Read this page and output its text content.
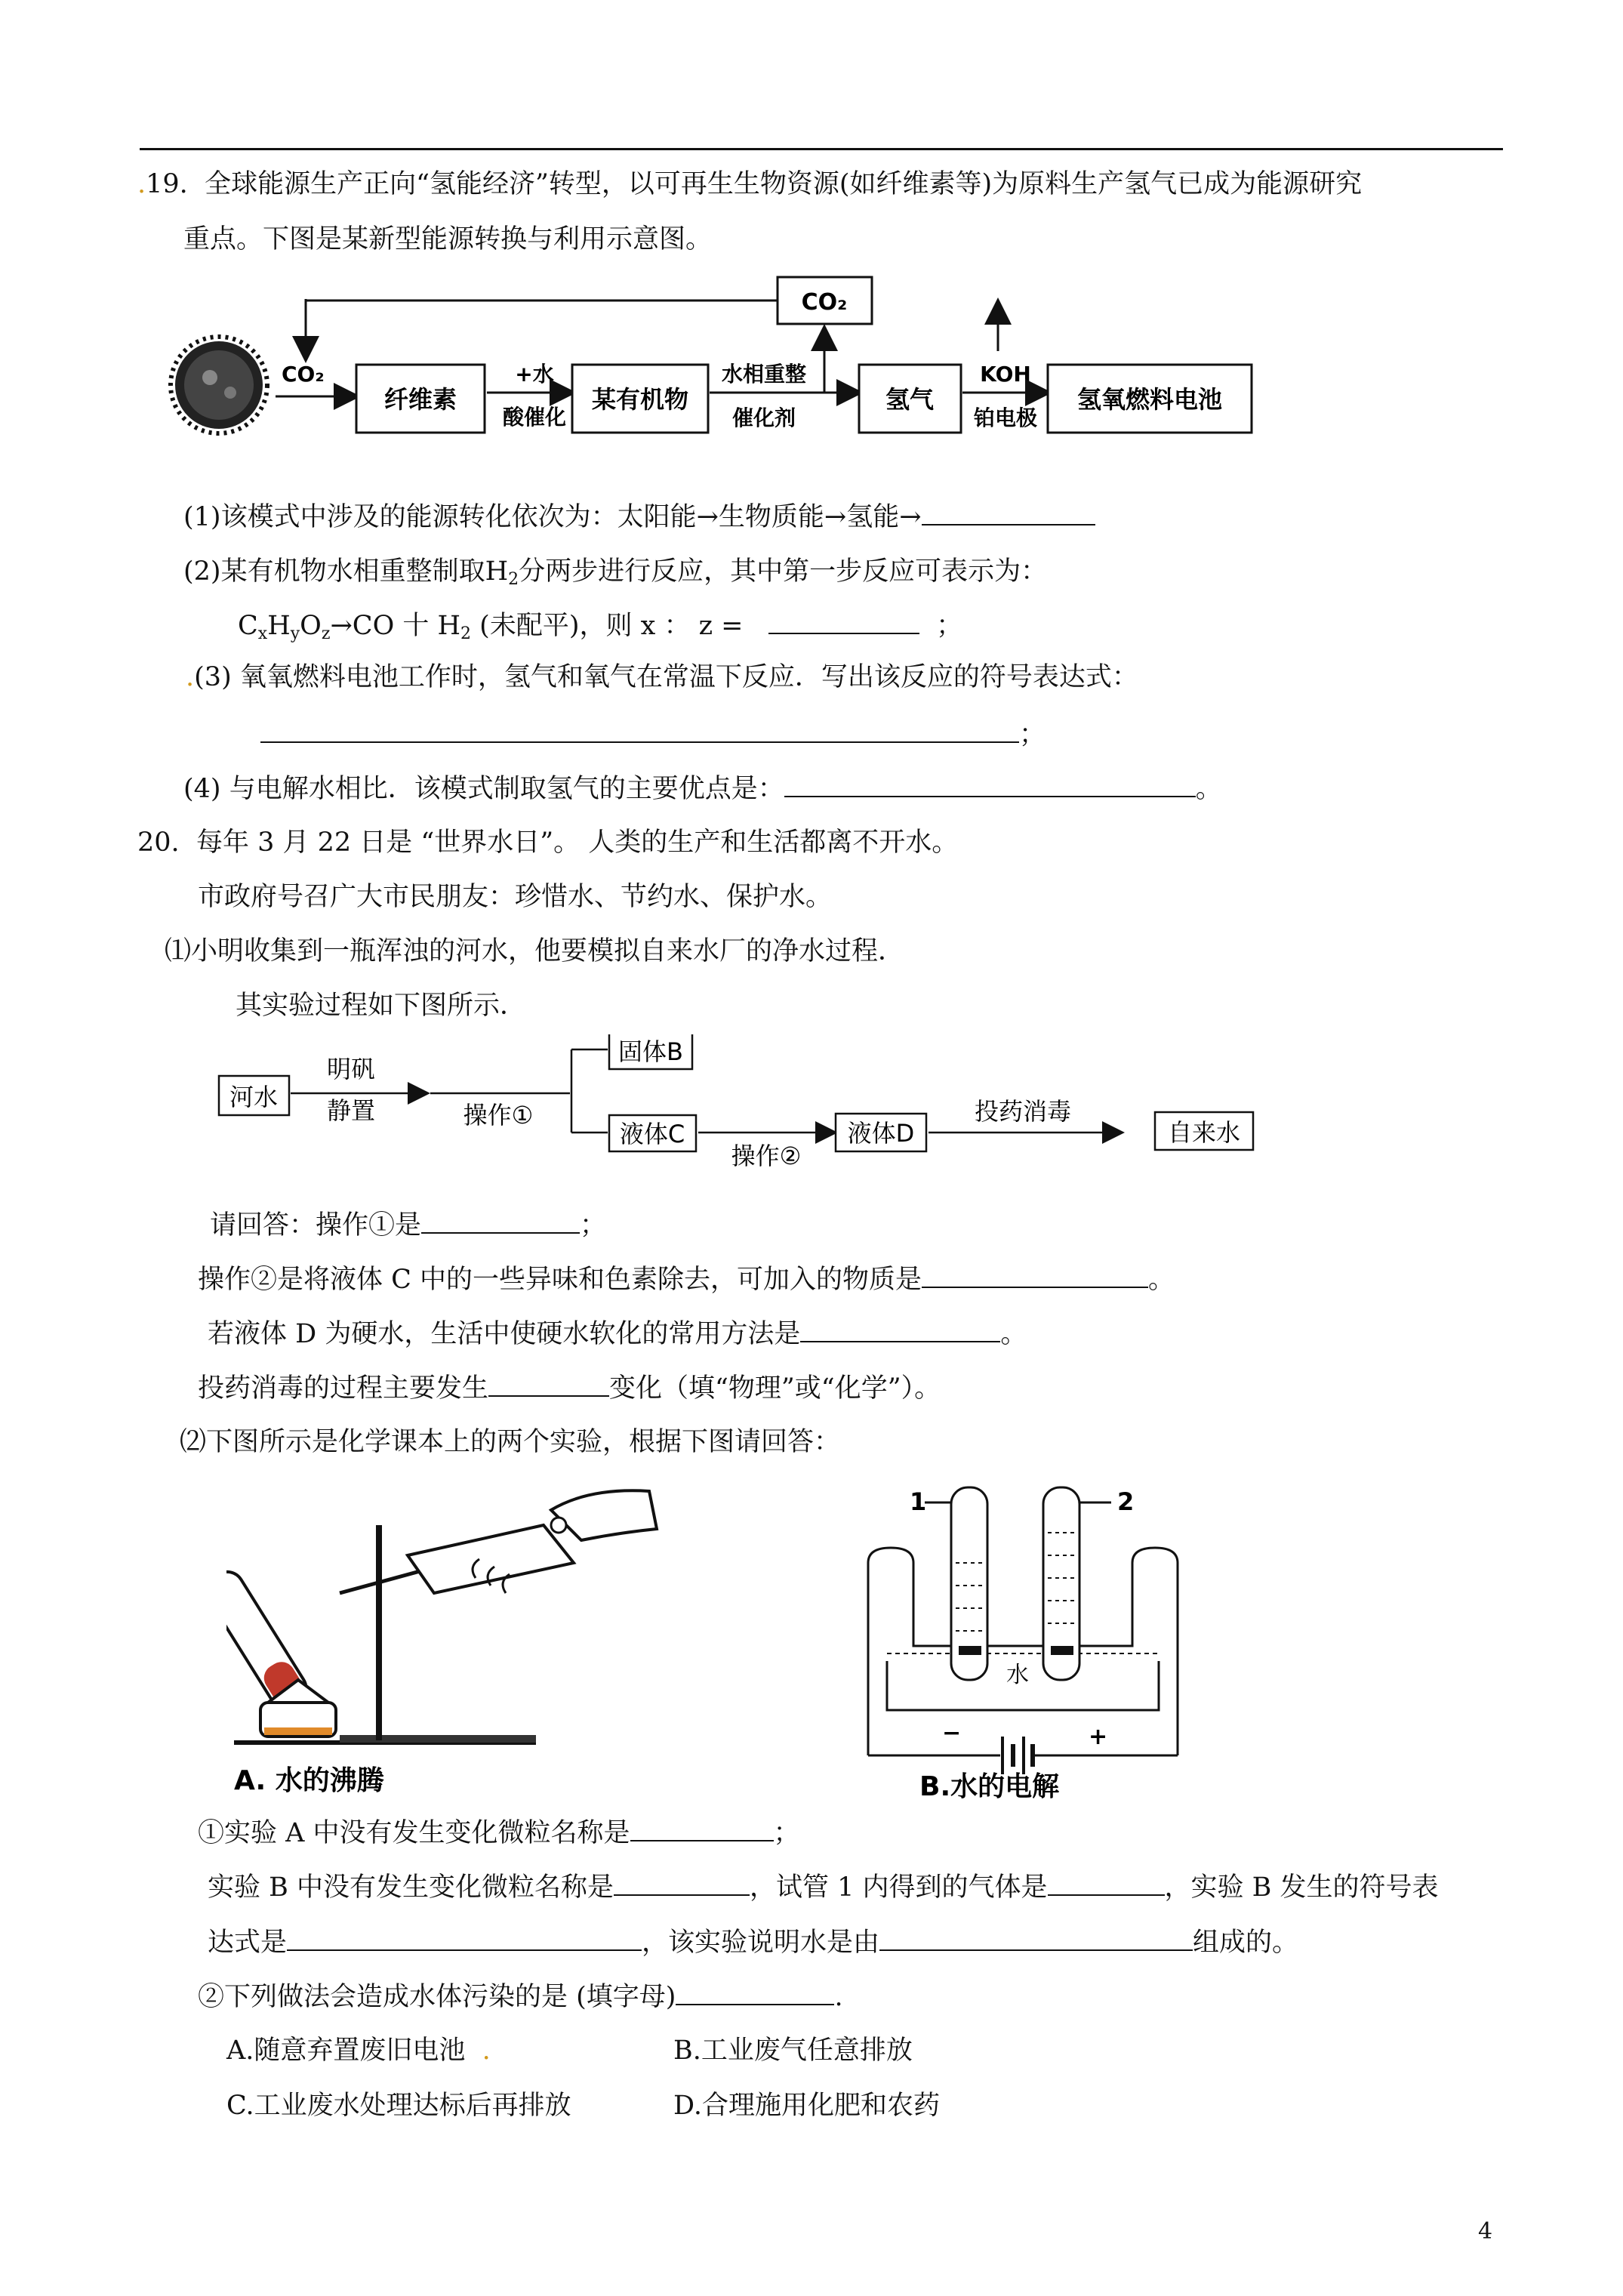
.19. 全球能源生产正向“氢能经济”转型，以可再生生物资源(如纤维素等)为原料生产氢气已成为能源研究
重点。下图是某新型能源转换与利用示意图。
CO₂
CO₂
纤维素
+水
酸催化
某有机物
水相重整
催化剂
氢气
KOH
铂电极
氢氧燃料电池
(1)该模式中涉及的能源转化依次为：太阳能→生物质能→氢能→
(2)某有机物水相重整制取$H_2$分两步进行反应，其中第一步反应可表示为：
$C_xH_yO_z\to CO$ 十 $H_2$ (未配平)，则 x ： z =	；
.(3) 氧氧燃料电池工作时，氢气和氧气在常温下反应．写出该反应的符号表达式：
；
(4) 与电解水相比．该模式制取氢气的主要优点是：	。
20. 每年 3 月 22 日是 “世界水日”。 人类的生产和生活都离不开水。
市政府号召广大市民朋友：珍惜水、节约水、保护水。
⑴小明收集到一瓶浑浊的河水，他要模拟自来水厂的净水过程．
其实验过程如下图所示．
河水
明矾
静置	操作①
固体B
液体C
操作②
液体D
投药消毒
自来水
请回答：操作①是	；
操作②是将液体 C 中的一些异味和色素除去，可加入的物质是	。
若液体 D 为硬水，生活中使硬水软化的常用方法是	。
投药消毒的过程主要发生	变化（填“物理”或“化学”）。
⑵下图所示是化学课本上的两个实验，根据下图请回答：
A. 水的沸腾
1	2
水
−	+
B.水的电解
①实验 A 中没有发生变化微粒名称是	；
实验 B 中没有发生变化微粒名称是	，试管 1 内得到的气体是	，实验 B 发生的符号表
达式是	，该实验说明水是由	组成的。
②下列做法会造成水体污染的是 (填字母)	.
A.随意弃置废旧电池 .	B.工业废气任意排放
C.工业废水处理达标后再排放	D.合理施用化肥和农药
4
